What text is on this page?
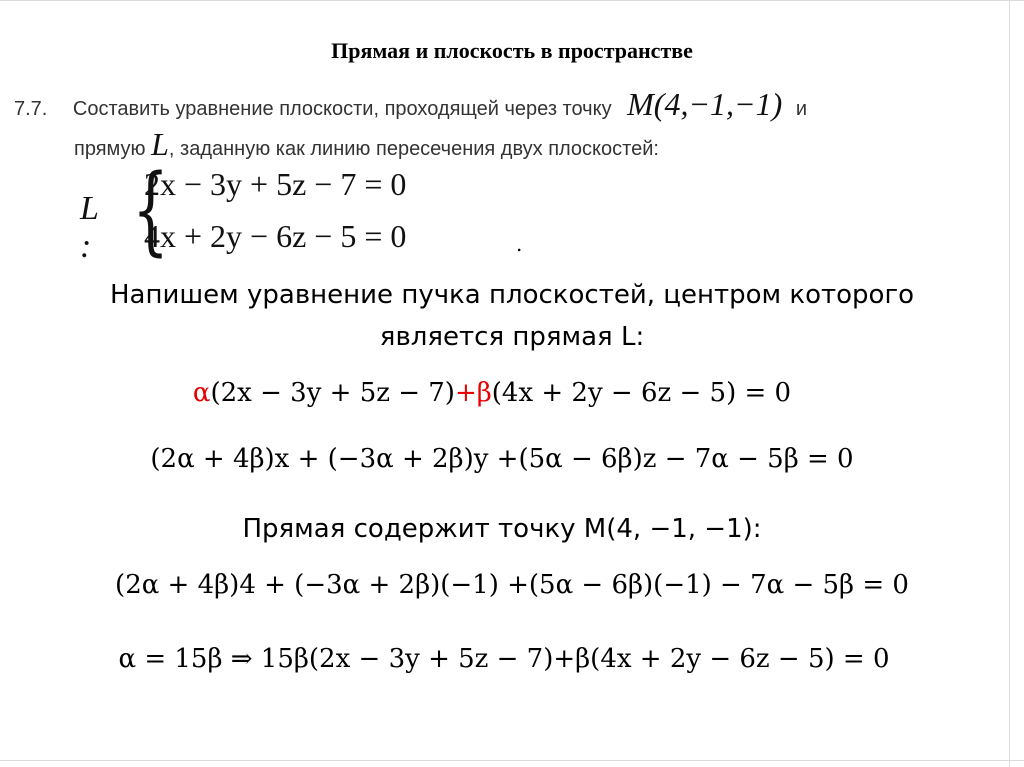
Прямая и плоскость в пространстве
7.7. Составить уравнение плоскости, проходящей через точку M(4,−1,−1) и
прямую L, заданную как линию пересечения двух плоскостей:
L : {
2x − 3y + 5z − 7 = 0
4x + 2y − 6z − 5 = 0	.
Напишем уравнение пучка плоскостей, центром которого
является прямая L:
α(2x − 3y + 5z − 7)+β(4x + 2y − 6z − 5) = 0
(2α + 4β)x + (−3α + 2β)y +(5α − 6β)z − 7α − 5β = 0
Прямая содержит точку M(4, −1, −1):
(2α + 4β)4 + (−3α + 2β)(−1) +(5α − 6β)(−1) − 7α − 5β = 0
α = 15β ⇒ 15β(2x − 3y + 5z − 7)+β(4x + 2y − 6z − 5) = 0
